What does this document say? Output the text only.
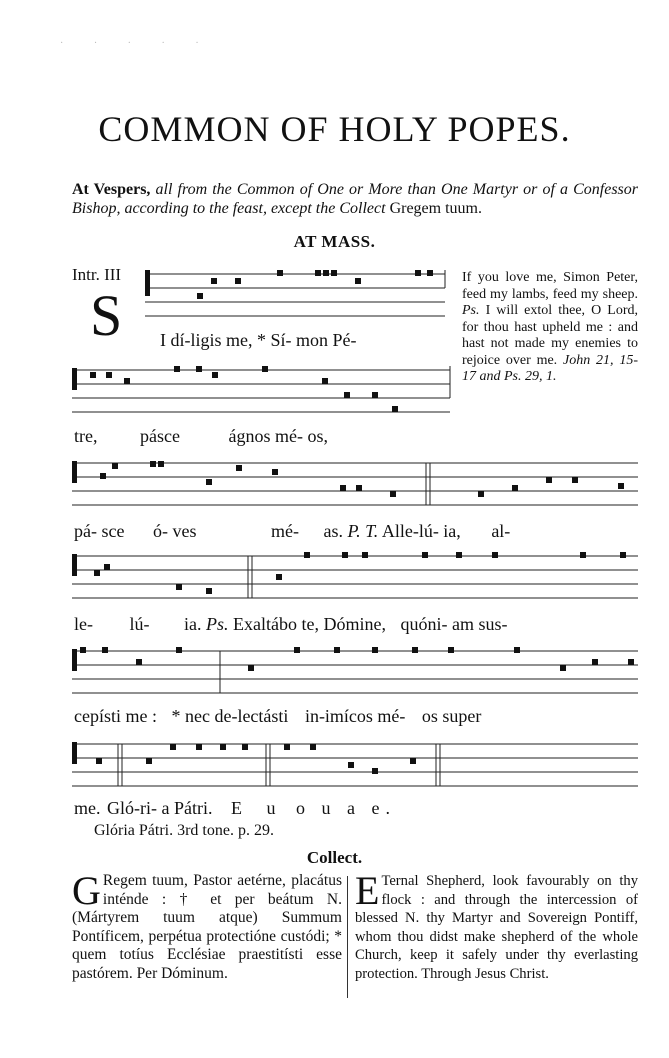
· · · · ·
COMMON OF HOLY POPES.
At Vespers, all from the Common of One or More than One Martyr or of a Confessor Bishop, according to the feast, except the Collect Gregem tuum.
AT MASS.
Intr. III
S I dí-ligis me, * Sí- mon Pé-
tre, pásce	ágnos mé- os,
If you love me, Simon Peter, feed my lambs, feed my sheep. Ps. I will extol thee, O Lord, for thou hast upheld me : and hast not made my enemies to rejoice over me. John 21, 15-17 and Ps. 29, 1.
pá- sce ó- ves	mé- as. P. T. Alle-lú- ia, al-
le- lú- ia. Ps. Exaltábo te, Dómine, quóni- am sus-
cepísti me : * nec de-lectásti in-imícos mé- os super
me. Gló-ri- a Pátri. E u o u a e.
Glória Pátri. 3rd tone. p. 29.
Collect.
G Regem tuum, Pastor aetérne, placátus inténde : † et per beátum N. (Mártyrem tuum atque) Summum Pontíficem, perpétua protectióne custódi; * quem totíus Ecclésiae praestitísti esse pastórem. Per Dóminum.
E Ternal Shepherd, look favourably on thy flock : and through the intercession of blessed N. thy Martyr and Sovereign Pontiff, whom thou didst make shepherd of the whole Church, keep it safely under thy everlasting protection. Through Jesus Christ.
